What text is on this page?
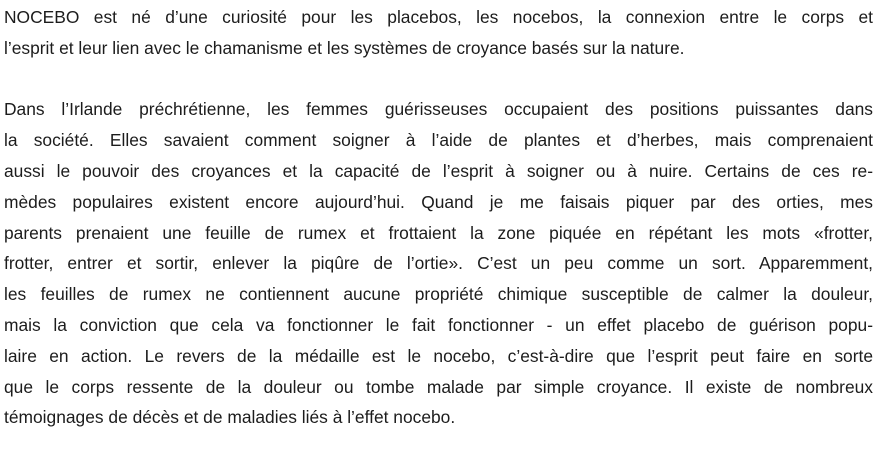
NOCEBO est né d’une curiosité pour les placebos, les nocebos, la connexion entre le corps et
l’esprit et leur lien avec le chamanisme et les systèmes de croyance basés sur la nature.

Dans l’Irlande préchrétienne, les femmes guérisseuses occupaient des positions puissantes dans
la société. Elles savaient comment soigner à l’aide de plantes et d’herbes, mais comprenaient
aussi le pouvoir des croyances et la capacité de l’esprit à soigner ou à nuire. Certains de ces re-
mèdes populaires existent encore aujourd’hui. Quand je me faisais piquer par des orties, mes
parents prenaient une feuille de rumex et frottaient la zone piquée en répétant les mots «frotter,
frotter, entrer et sortir, enlever la piqûre de l’ortie». C’est un peu comme un sort. Apparemment,
les feuilles de rumex ne contiennent aucune propriété chimique susceptible de calmer la douleur,
mais la conviction que cela va fonctionner le fait fonctionner - un effet placebo de guérison popu-
laire en action. Le revers de la médaille est le nocebo, c’est-à-dire que l’esprit peut faire en sorte
que le corps ressente de la douleur ou tombe malade par simple croyance. Il existe de nombreux
témoignages de décès et de maladies liés à l’effet nocebo.
